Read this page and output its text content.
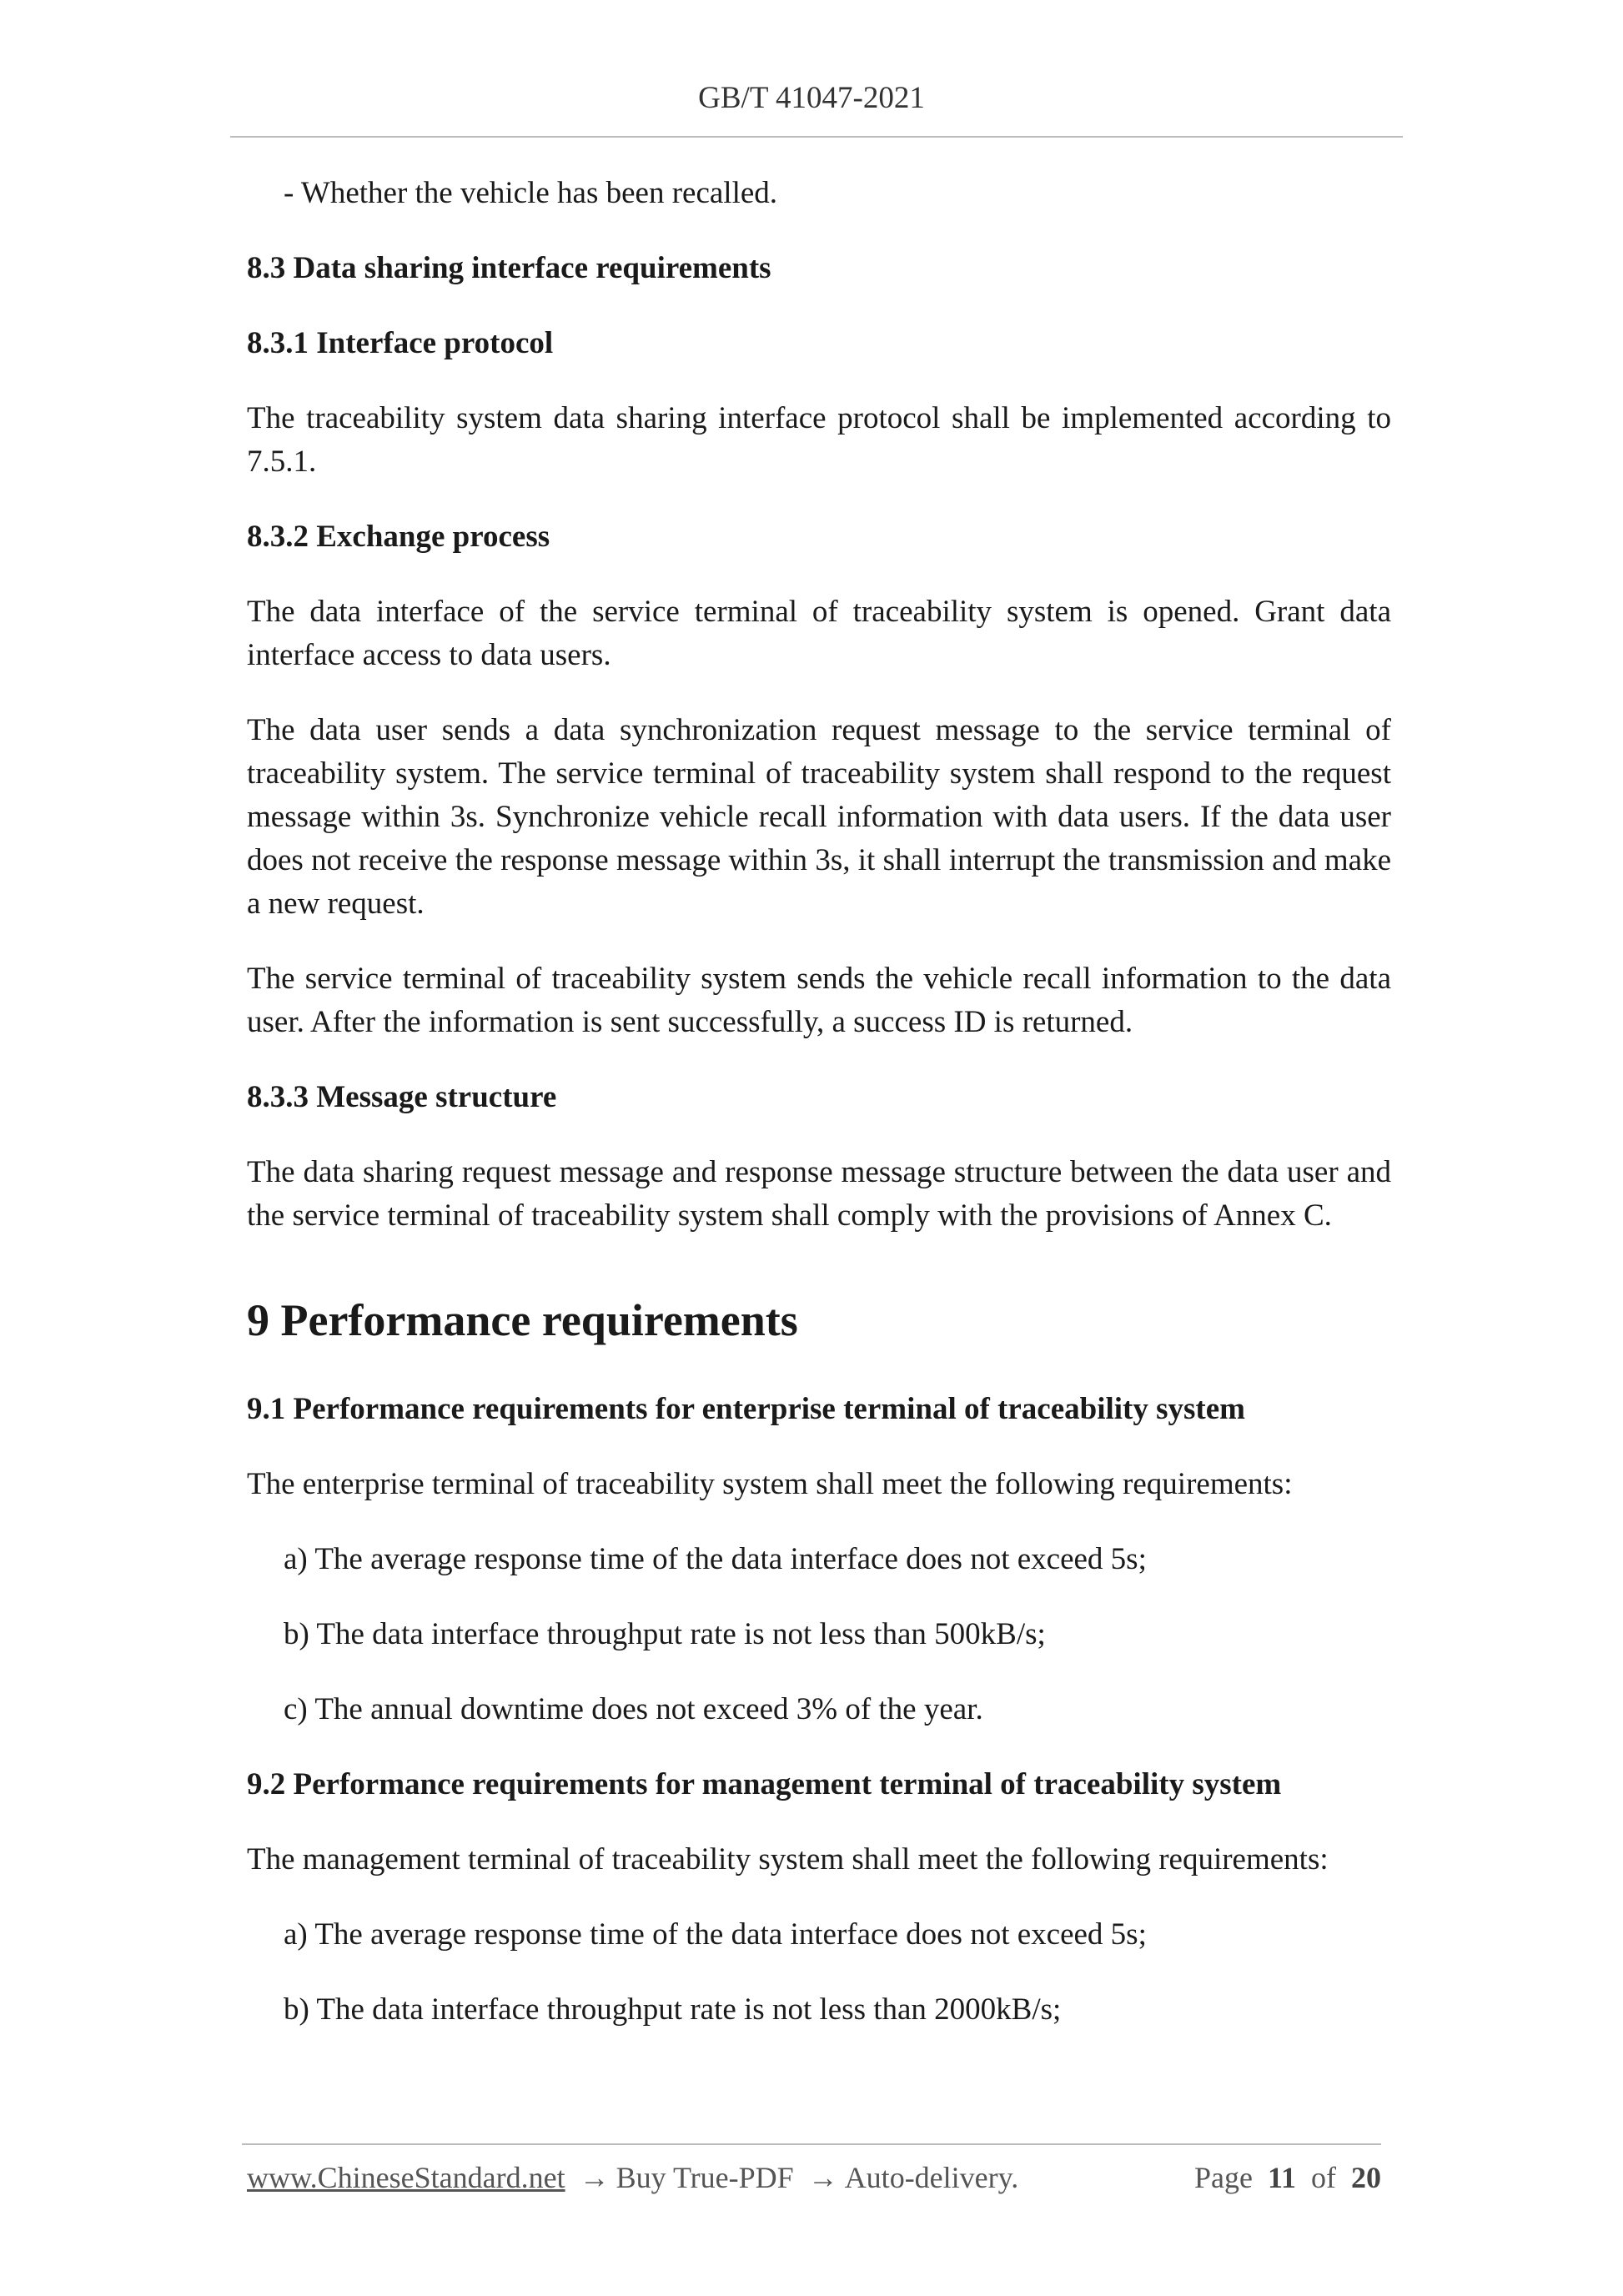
GB/T 41047-2021

- Whether the vehicle has been recalled.

8.3 Data sharing interface requirements

8.3.1 Interface protocol

The traceability system data sharing interface protocol shall be implemented according to 7.5.1.

8.3.2 Exchange process

The data interface of the service terminal of traceability system is opened. Grant data interface access to data users.

The data user sends a data synchronization request message to the service terminal of traceability system. The service terminal of traceability system shall respond to the request message within 3s. Synchronize vehicle recall information with data users. If the data user does not receive the response message within 3s, it shall interrupt the transmission and make a new request.

The service terminal of traceability system sends the vehicle recall information to the data user. After the information is sent successfully, a success ID is returned.

8.3.3 Message structure

The data sharing request message and response message structure between the data user and the service terminal of traceability system shall comply with the provisions of Annex C.

9 Performance requirements

9.1 Performance requirements for enterprise terminal of traceability system

The enterprise terminal of traceability system shall meet the following requirements:

a) The average response time of the data interface does not exceed 5s;

b) The data interface throughput rate is not less than 500kB/s;

c) The annual downtime does not exceed 3% of the year.

9.2 Performance requirements for management terminal of traceability system

The management terminal of traceability system shall meet the following requirements:

a) The average response time of the data interface does not exceed 5s;

b) The data interface throughput rate is not less than 2000kB/s;

www.ChineseStandard.net → Buy True-PDF → Auto-delivery.	Page 11 of 20
